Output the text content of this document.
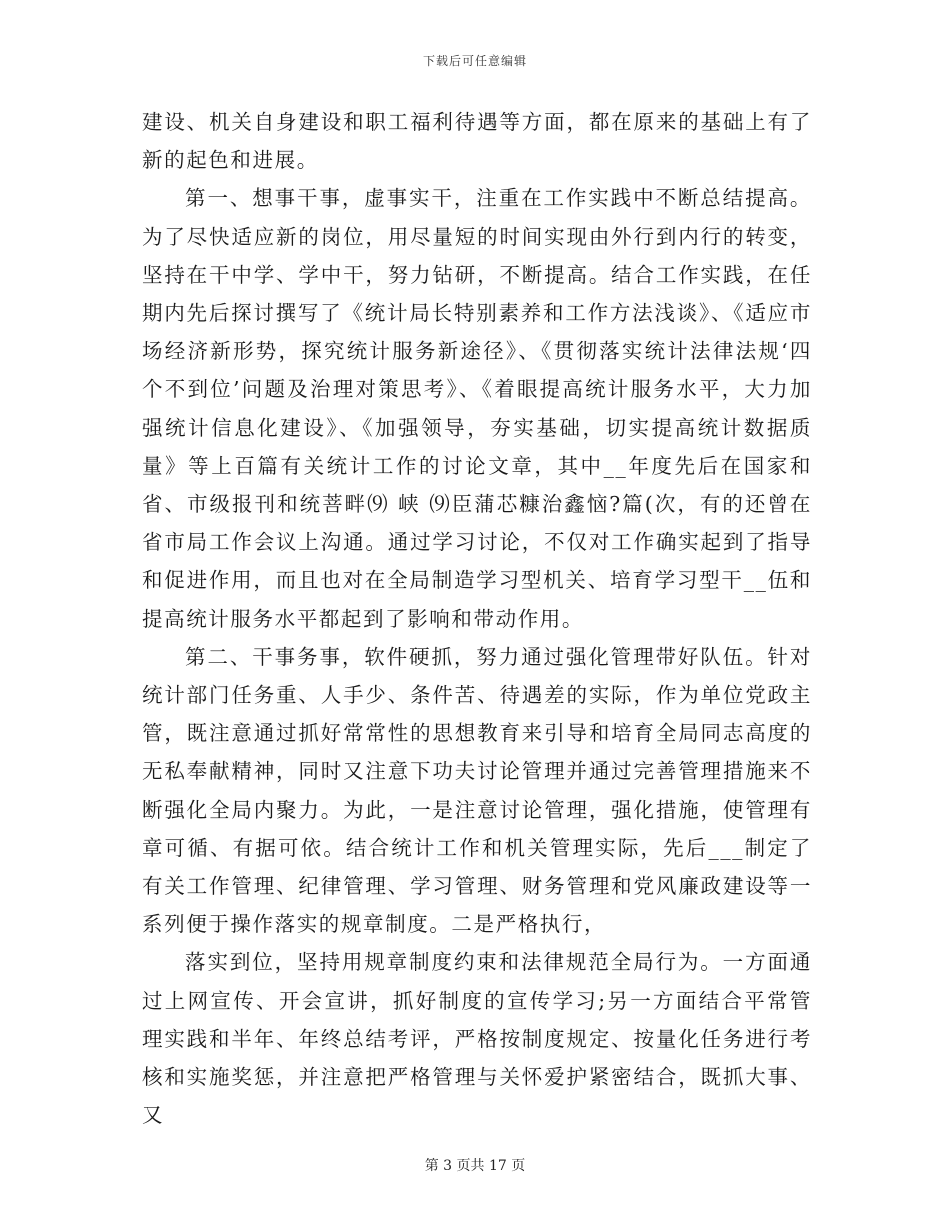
下载后可任意编辑

建设、机关自身建设和职工福利待遇等方面，都在原来的基础上有了新的起色和进展。

第一、想事干事，虚事实干，注重在工作实践中不断总结提高。为了尽快适应新的岗位，用尽量短的时间实现由外行到内行的转变，坚持在干中学、学中干，努力钻研，不断提高。结合工作实践，在任期内先后探讨撰写了《统计局长特别素养和工作方法浅谈》、《适应市场经济新形势，探究统计服务新途径》、《贯彻落实统计法律法规‘四个不到位’问题及治理对策思考》、《着眼提高统计服务水平，大力加强统计信息化建设》、《加强领导，夯实基础，切实提高统计数据质量》等上百篇有关统计工作的讨论文章，其中__年度先后在国家和省、市级报刊和统菩畔⑼ 峡 ⑼臣蒲芯糠治鑫恼?篇(次，有的还曾在省市局工作会议上沟通。通过学习讨论，不仅对工作确实起到了指导和促进作用，而且也对在全局制造学习型机关、培育学习型干__伍和提高统计服务水平都起到了影响和带动作用。

第二、干事务事，软件硬抓，努力通过强化管理带好队伍。针对统计部门任务重、人手少、条件苦、待遇差的实际，作为单位党政主管，既注意通过抓好常常性的思想教育来引导和培育全局同志高度的无私奉献精神，同时又注意下功夫讨论管理并通过完善管理措施来不断强化全局内聚力。为此，一是注意讨论管理，强化措施，使管理有章可循、有据可依。结合统计工作和机关管理实际，先后___制定了有关工作管理、纪律管理、学习管理、财务管理和党风廉政建设等一系列便于操作落实的规章制度。二是严格执行，

落实到位，坚持用规章制度约束和法律规范全局行为。一方面通过上网宣传、开会宣讲，抓好制度的宣传学习;另一方面结合平常管理实践和半年、年终总结考评，严格按制度规定、按量化任务进行考核和实施奖惩，并注意把严格管理与关怀爱护紧密结合，既抓大事、又

第 3 页共 17 页
